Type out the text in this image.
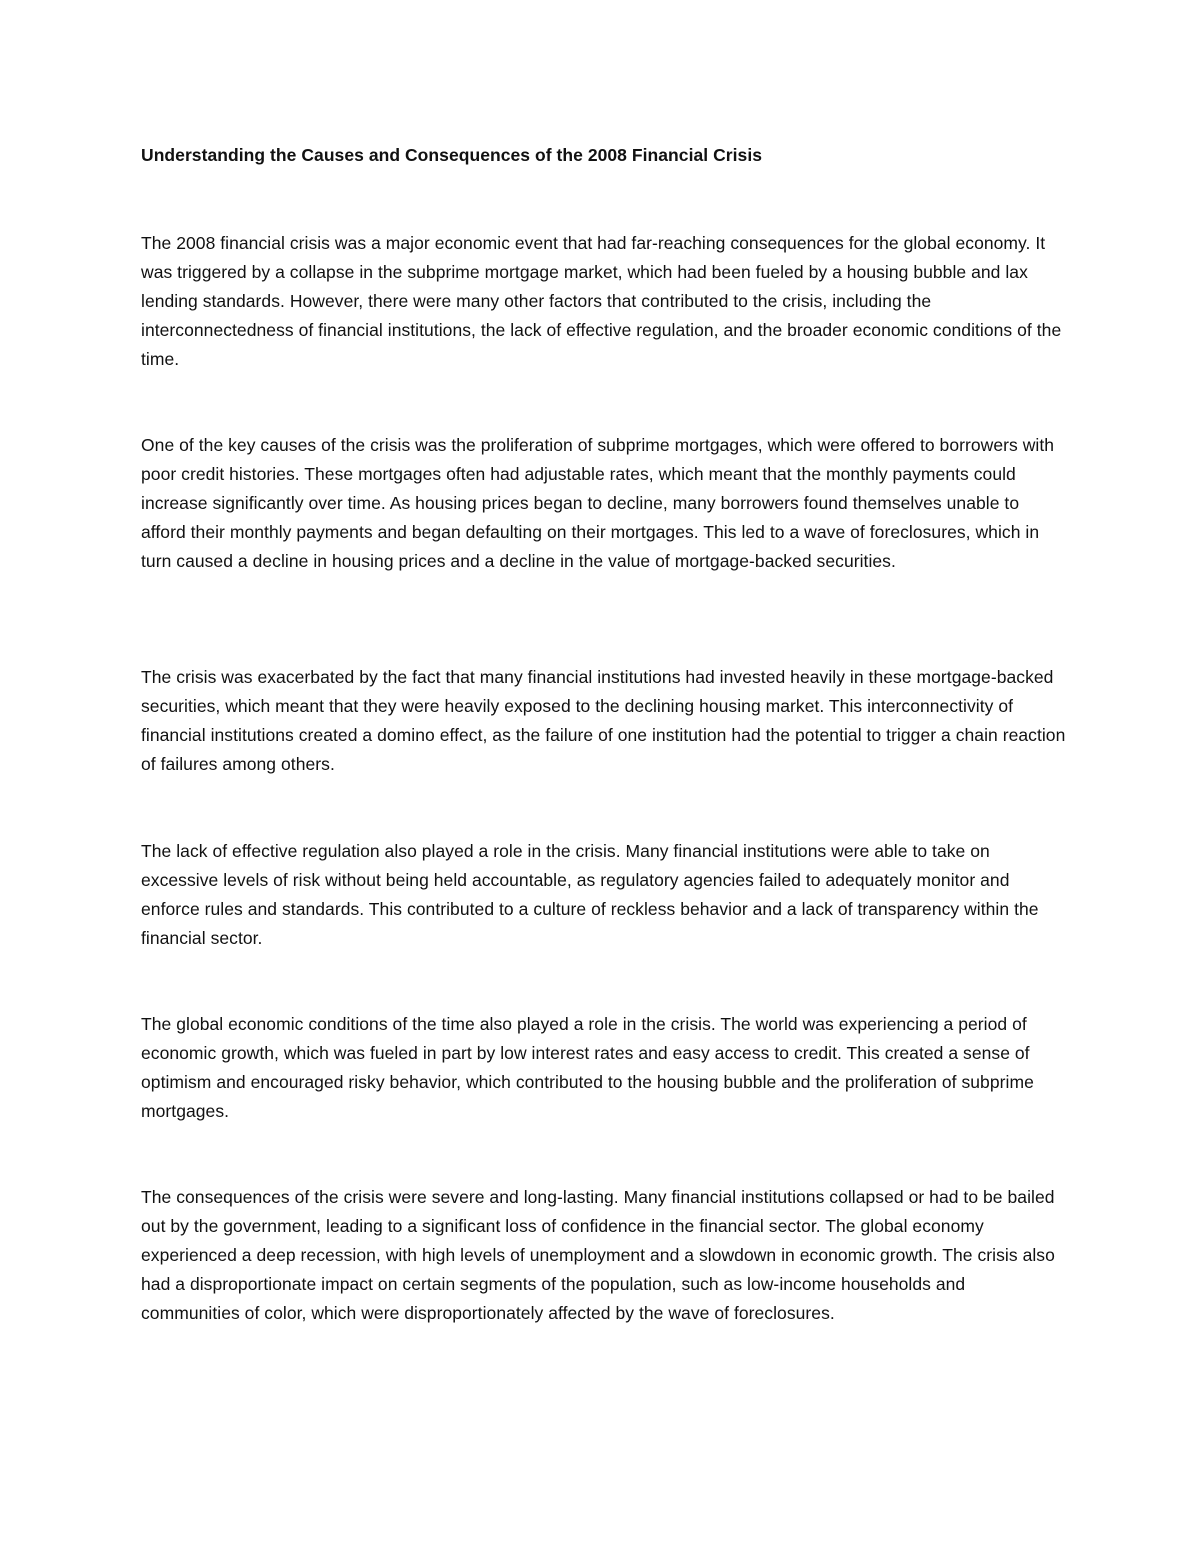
Understanding the Causes and Consequences of the 2008 Financial Crisis

The 2008 financial crisis was a major economic event that had far-reaching consequences for the global economy. It was triggered by a collapse in the subprime mortgage market, which had been fueled by a housing bubble and lax lending standards. However, there were many other factors that contributed to the crisis, including the interconnectedness of financial institutions, the lack of effective regulation, and the broader economic conditions of the time.

One of the key causes of the crisis was the proliferation of subprime mortgages, which were offered to borrowers with poor credit histories. These mortgages often had adjustable rates, which meant that the monthly payments could increase significantly over time. As housing prices began to decline, many borrowers found themselves unable to afford their monthly payments and began defaulting on their mortgages. This led to a wave of foreclosures, which in turn caused a decline in housing prices and a decline in the value of mortgage-backed securities.

The crisis was exacerbated by the fact that many financial institutions had invested heavily in these mortgage-backed securities, which meant that they were heavily exposed to the declining housing market. This interconnectivity of financial institutions created a domino effect, as the failure of one institution had the potential to trigger a chain reaction of failures among others.

The lack of effective regulation also played a role in the crisis. Many financial institutions were able to take on excessive levels of risk without being held accountable, as regulatory agencies failed to adequately monitor and enforce rules and standards. This contributed to a culture of reckless behavior and a lack of transparency within the financial sector.

The global economic conditions of the time also played a role in the crisis. The world was experiencing a period of economic growth, which was fueled in part by low interest rates and easy access to credit. This created a sense of optimism and encouraged risky behavior, which contributed to the housing bubble and the proliferation of subprime mortgages.

The consequences of the crisis were severe and long-lasting. Many financial institutions collapsed or had to be bailed out by the government, leading to a significant loss of confidence in the financial sector. The global economy experienced a deep recession, with high levels of unemployment and a slowdown in economic growth. The crisis also had a disproportionate impact on certain segments of the population, such as low-income households and communities of color, which were disproportionately affected by the wave of foreclosures.
